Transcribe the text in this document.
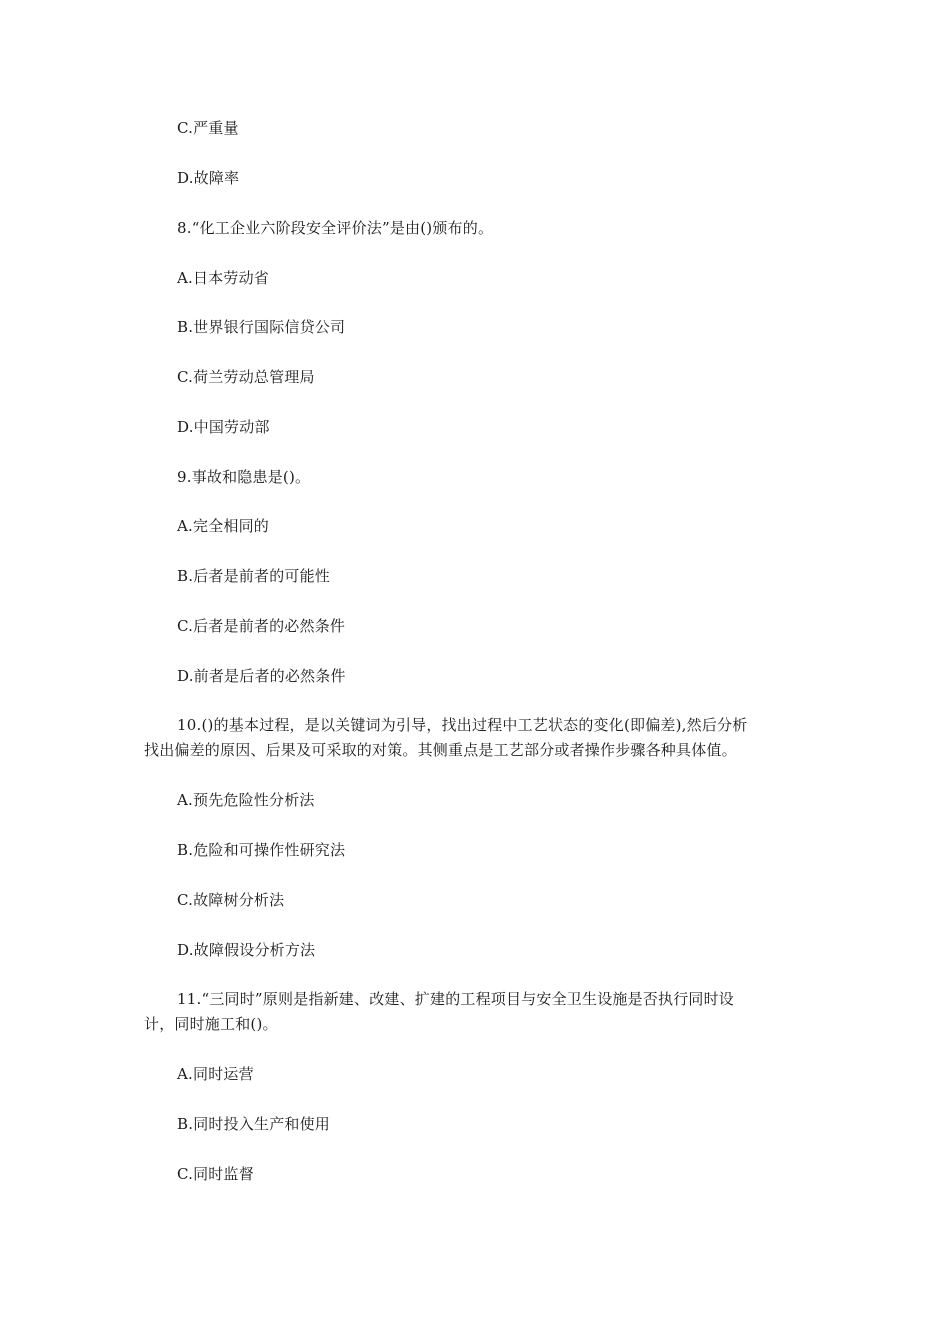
C.严重量
D.故障率
8.“化工企业六阶段安全评价法”是由()颁布的。
A.日本劳动省
B.世界银行国际信贷公司
C.荷兰劳动总管理局
D.中国劳动部
9.事故和隐患是()。
A.完全相同的
B.后者是前者的可能性
C.后者是前者的必然条件
D.前者是后者的必然条件
10.()的基本过程，是以关键词为引导，找出过程中工艺状态的变化(即偏差),然后分析
找出偏差的原因、后果及可采取的对策。其侧重点是工艺部分或者操作步骤各种具体值。
A.预先危险性分析法
B.危险和可操作性研究法
C.故障树分析法
D.故障假设分析方法
11.“三同时”原则是指新建、改建、扩建的工程项目与安全卫生设施是否执行同时设
计，同时施工和()。
A.同时运营
B.同时投入生产和使用
C.同时监督
